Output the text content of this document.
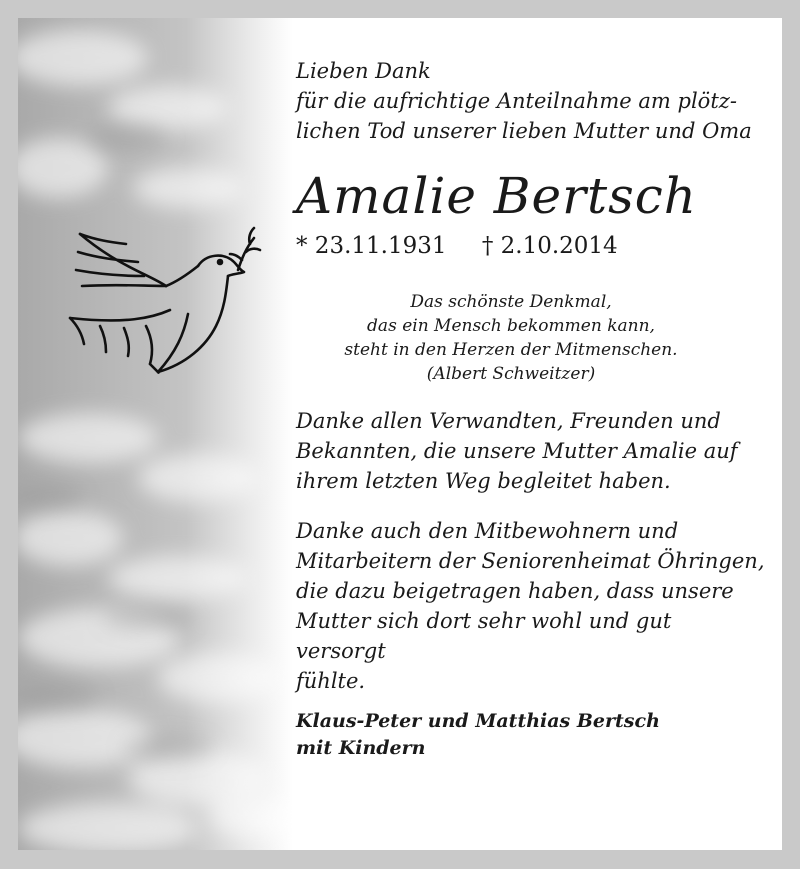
Lieben Dank
für die aufrichtige Anteilnahme am plötz-
lichen Tod unserer lieben Mutter und Oma

Amalie Bertsch

* 23.11.1931 † 2.10.2014

Das schönste Denkmal,
das ein Mensch bekommen kann,
steht in den Herzen der Mitmenschen.
(Albert Schweitzer)

Danke allen Verwandten, Freunden und
Bekannten, die unsere Mutter Amalie auf
ihrem letzten Weg begleitet haben.

Danke auch den Mitbewohnern und
Mitarbeitern der Seniorenheimat Öhringen,
die dazu beigetragen haben, dass unsere
Mutter sich dort sehr wohl und gut versorgt
fühlte.

Klaus-Peter und Matthias Bertsch
mit Kindern
